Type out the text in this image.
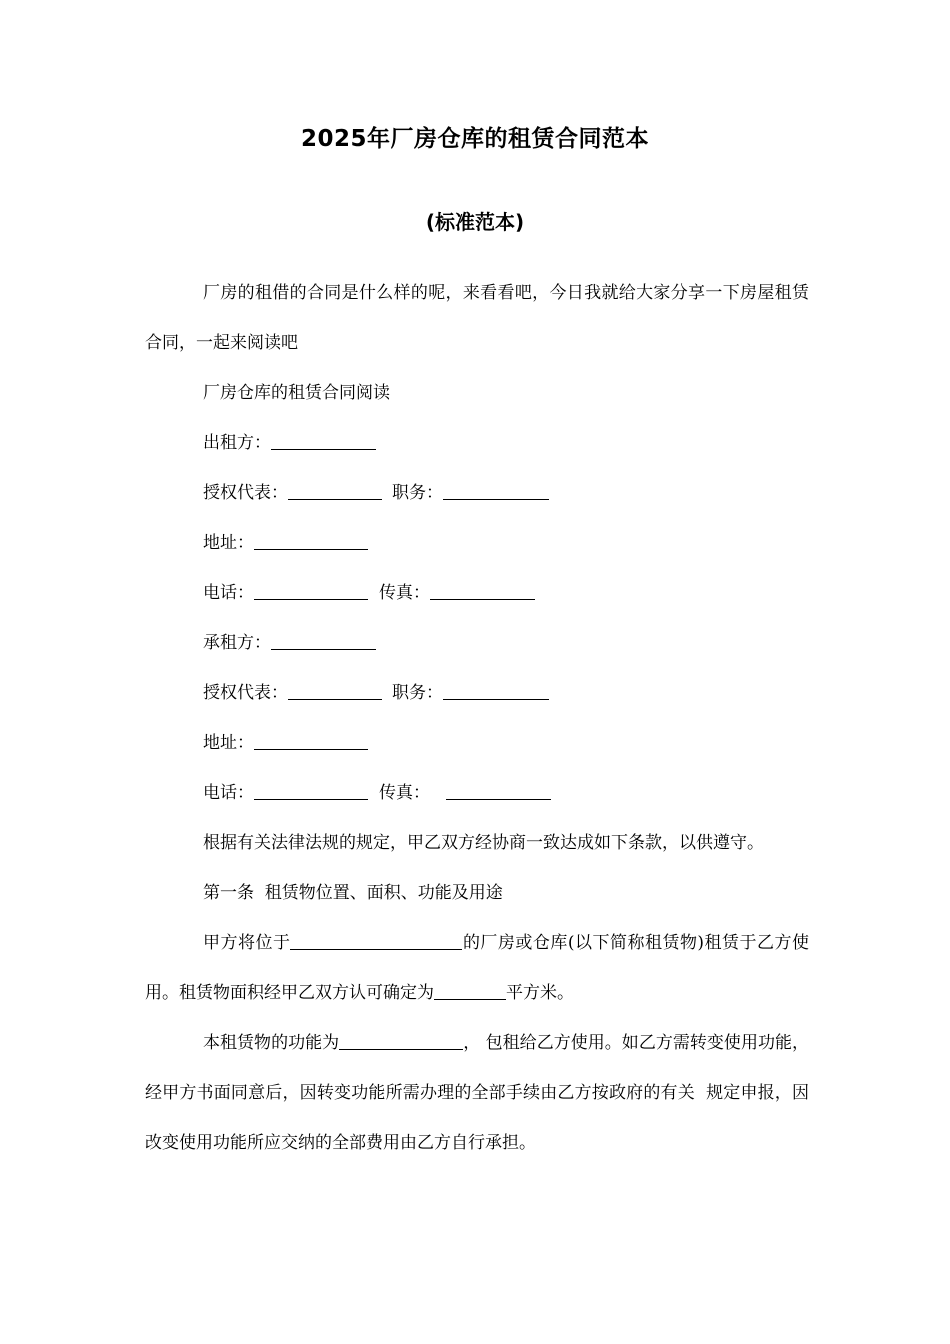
2025年厂房仓库的租赁合同范本
(标准范本)

厂房的租借的合同是什么样的呢，来看看吧，今日我就给大家分享一下房屋租赁合同，一起来阅读吧

厂房仓库的租赁合同阅读

出租方：

授权代表：	职务：

地址：

电话：	传真：

承租方：

授权代表：	职务：

地址：

电话：	传真：

根据有关法律法规的规定，甲乙双方经协商一致达成如下条款，以供遵守。

第一条  租赁物位置、面积、功能及用途

甲方将位于	的厂房或仓库(以下简称租赁物)租赁于乙方使用。租赁物面积经甲乙双方认可确定为	平方米。

本租赁物的功能为	， 包租给乙方使用。如乙方需转变使用功能，经甲方书面同意后，因转变功能所需办理的全部手续由乙方按政府的有关  规定申报，因改变使用功能所应交纳的全部费用由乙方自行承担。
